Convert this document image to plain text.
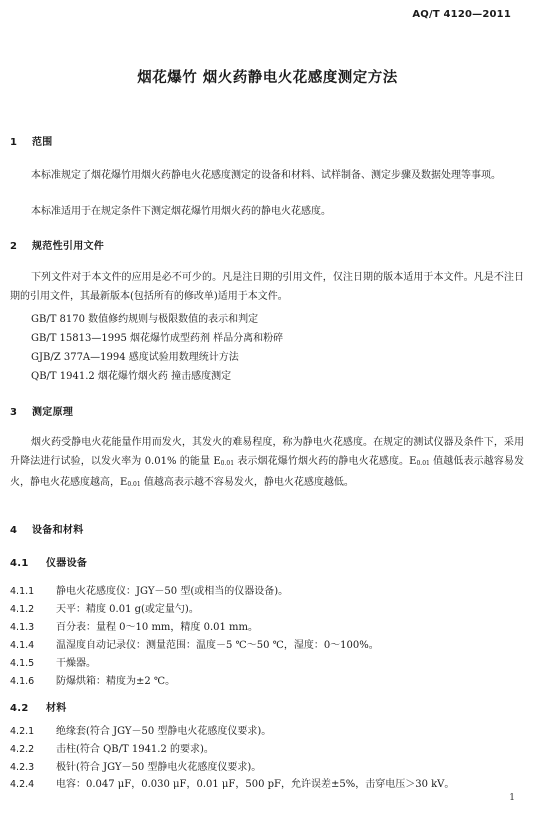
AQ/T 4120—2011
烟花爆竹 烟火药静电火花感度测定方法
1 范围
本标准规定了烟花爆竹用烟火药静电火花感度测定的设备和材料、试样制备、测定步骤及数据处理等事项。
本标准适用于在规定条件下测定烟花爆竹用烟火药的静电火花感度。
2 规范性引用文件
下列文件对于本文件的应用是必不可少的。凡是注日期的引用文件，仅注日期的版本适用于本文件。凡是不注日期的引用文件，其最新版本(包括所有的修改单)适用于本文件。
GB/T 8170 数值修约规则与极限数值的表示和判定
GB/T 15813—1995 烟花爆竹成型药剂 样品分离和粉碎
GJB/Z 377A—1994 感度试验用数理统计方法
QB/T 1941.2 烟花爆竹烟火药 撞击感度测定
3 测定原理
烟火药受静电火花能量作用而发火，其发火的难易程度，称为静电火花感度。在规定的测试仪器及条件下，采用升降法进行试验，以发火率为 0.01% 的能量 $E_{0.01}$ 表示烟花爆竹烟火药的静电火花感度。$E_{0.01}$ 值越低表示越容易发火，静电火花感度越高，$E_{0.01}$ 值越高表示越不容易发火，静电火花感度越低。
4 设备和材料
4.1 仪器设备
4.1.1 静电火花感度仪：JGY－50 型(或相当的仪器设备)。
4.1.2 天平：精度 0.01 g(或定量勺)。
4.1.3 百分表：量程 0～10 mm，精度 0.01 mm。
4.1.4 温湿度自动记录仪：测量范围：温度－5 ℃～50 ℃，湿度：0～100%。
4.1.5 干燥器。
4.1.6 防爆烘箱：精度为±2 ℃。
4.2 材料
4.2.1 绝缘套(符合 JGY－50 型静电火花感度仪要求)。
4.2.2 击柱(符合 QB/T 1941.2 的要求)。
4.2.3 极针(符合 JGY－50 型静电火花感度仪要求)。
4.2.4 电容：0.047 μF，0.030 μF，0.01 μF，500 pF，允许误差±5%，击穿电压＞30 kV。
1
